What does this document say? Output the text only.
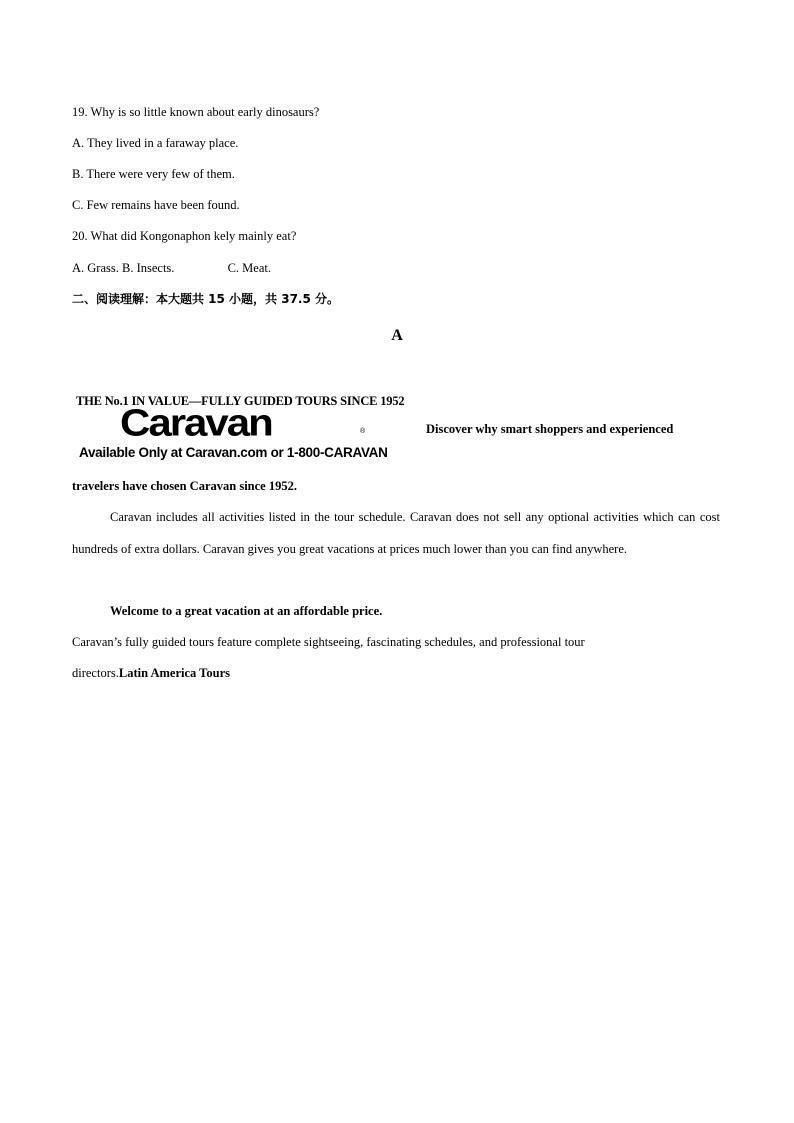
19. Why is so little known about early dinosaurs?
A. They lived in a faraway place.
B. There were very few of them.
C. Few remains have been found.
20. What did Kongonaphon kely mainly eat?
A. Grass. B. Insects.	C. Meat.
二、阅读理解：本大题共 15 小题，共 37.5 分。
A
THE No.1 IN VALUE—FULLY GUIDED TOURS SINCE 1952
Caravan	®
Available Only at Caravan.com or 1-800-CARAVAN
Discover why smart shoppers and experienced
travelers have chosen Caravan since 1952.
Caravan includes all activities listed in the tour schedule. Caravan does not sell any optional activities which can cost hundreds of extra dollars. Caravan gives you great vacations at prices much lower than you can find anywhere.
Welcome to a great vacation at an affordable price.
Caravan’s fully guided tours feature complete sightseeing, fascinating schedules, and professional tour
directors.Latin America Tours
